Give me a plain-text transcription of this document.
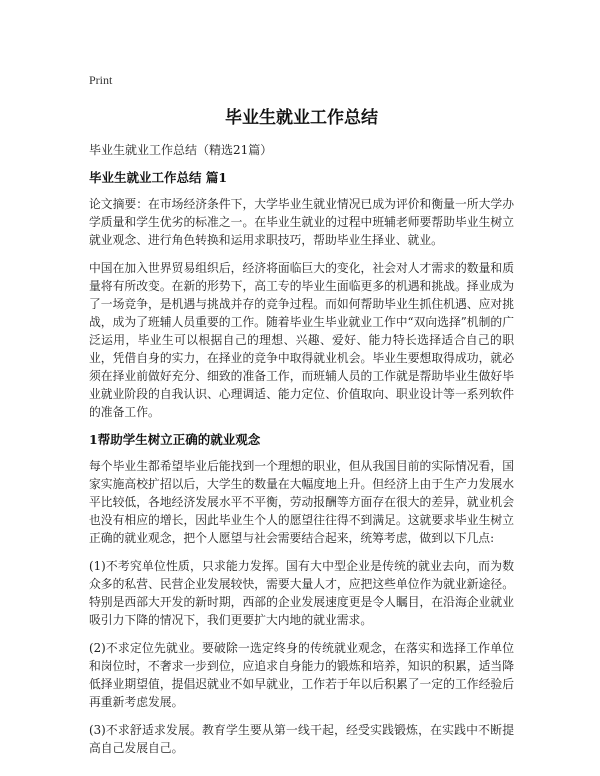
Print
毕业生就业工作总结

毕业生就业工作总结（精选21篇）

毕业生就业工作总结 篇1

论文摘要：在市场经济条件下，大学毕业生就业情况已成为评价和衡量一所大学办学质量和学生优劣的标准之一。在毕业生就业的过程中班辅老师要帮助毕业生树立就业观念、进行角色转换和运用求职技巧，帮助毕业生择业、就业。

中国在加入世界贸易组织后，经济将面临巨大的变化，社会对人才需求的数量和质量将有所改变。在新的形势下，高工专的毕业生面临更多的机遇和挑战。择业成为了一场竞争，是机遇与挑战并存的竞争过程。而如何帮助毕业生抓住机遇、应对挑战，成为了班辅人员重要的工作。随着毕业生毕业就业工作中“双向选择”机制的广泛运用，毕业生可以根据自己的理想、兴趣、爱好、能力特长选择适合自己的职业，凭借自身的实力，在择业的竞争中取得就业机会。毕业生要想取得成功，就必须在择业前做好充分、细致的准备工作，而班辅人员的工作就是帮助毕业生做好毕业就业阶段的自我认识、心理调适、能力定位、价值取向、职业设计等一系列软件的准备工作。

1帮助学生树立正确的就业观念

每个毕业生都希望毕业后能找到一个理想的职业，但从我国目前的实际情况看，国家实施高校扩招以后，大学生的数量在大幅度地上升。但经济上由于生产力发展水平比较低，各地经济发展水平不平衡，劳动报酬等方面存在很大的差异，就业机会也没有相应的增长，因此毕业生个人的愿望往往得不到满足。这就要求毕业生树立正确的就业观念，把个人愿望与社会需要结合起来，统筹考虑，做到以下几点:

(1)不考究单位性质，只求能力发挥。国有大中型企业是传统的就业去向，而为数众多的私营、民营企业发展较快，需要大量人才，应把这些单位作为就业新途径。特别是西部大开发的新时期，西部的企业发展速度更是令人瞩目，在沿海企业就业吸引力下降的情况下，我们更要扩大内地的就业需求。

(2)不求定位先就业。要破除一选定终身的传统就业观念，在落实和选择工作单位和岗位时，不奢求一步到位，应追求自身能力的锻炼和培养，知识的积累，适当降低择业期望值，提倡迟就业不如早就业，工作若于年以后积累了一定的工作经验后再重新考虑发展。

(3)不求舒适求发展。教育学生要从第一线干起，经受实践锻炼，在实践中不断提高自己发展自己。
